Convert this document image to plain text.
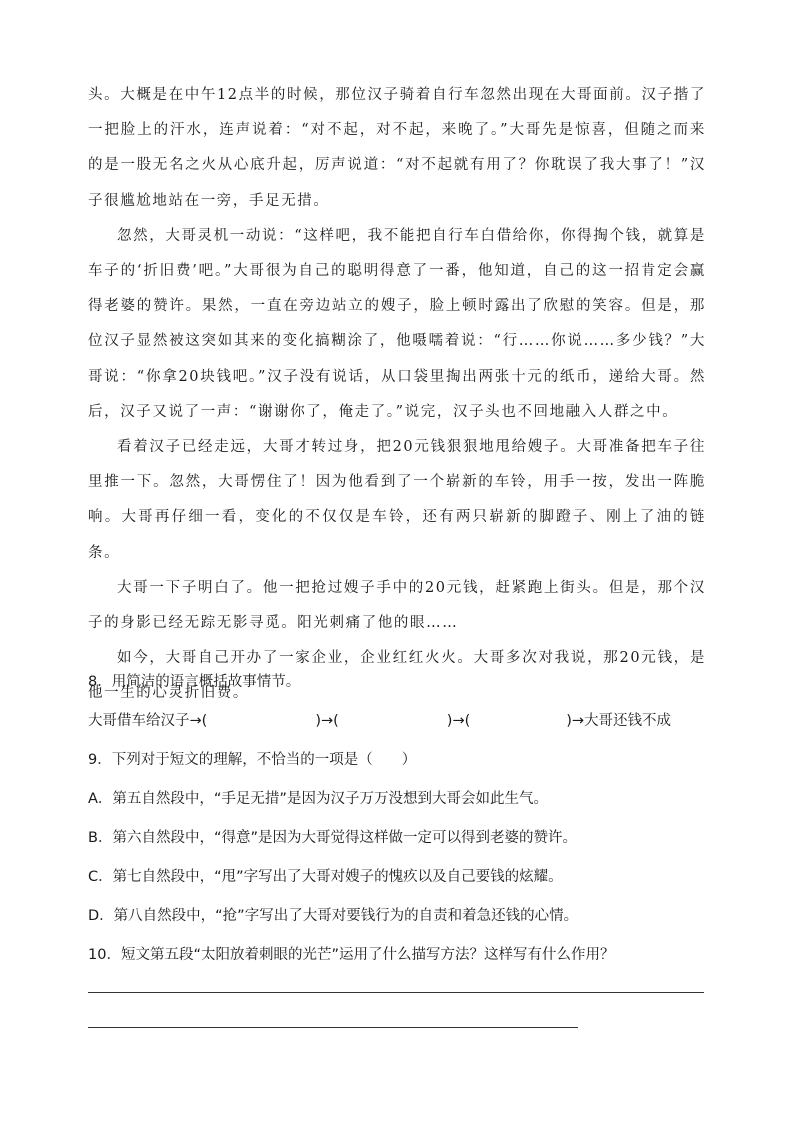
头。大概是在中午12点半的时候，那位汉子骑着自行车忽然出现在大哥面前。汉子揩了一把脸上的汗水，连声说着：“对不起，对不起，来晚了。”大哥先是惊喜，但随之而来的是一股无名之火从心底升起，厉声说道：“对不起就有用了？你耽误了我大事了！”汉子很尴尬地站在一旁，手足无措。

忽然，大哥灵机一动说：“这样吧，我不能把自行车白借给你，你得掏个钱，就算是车子的‘折旧费’吧。”大哥很为自己的聪明得意了一番，他知道，自己的这一招肯定会赢得老婆的赞许。果然，一直在旁边站立的嫂子，脸上顿时露出了欣慰的笑容。但是，那位汉子显然被这突如其来的变化搞糊涂了，他嗫嚅着说：“行……你说……多少钱？”大哥说：“你拿20块钱吧。”汉子没有说话，从口袋里掏出两张十元的纸币，递给大哥。然后，汉子又说了一声：“谢谢你了，俺走了。”说完，汉子头也不回地融入人群之中。

看着汉子已经走远，大哥才转过身，把20元钱狠狠地甩给嫂子。大哥准备把车子往里推一下。忽然，大哥愣住了！因为他看到了一个崭新的车铃，用手一按，发出一阵脆响。大哥再仔细一看，变化的不仅仅是车铃，还有两只崭新的脚蹬子、刚上了油的链条。

大哥一下子明白了。他一把抢过嫂子手中的20元钱，赶紧跑上街头。但是，那个汉子的身影已经无踪无影寻觅。阳光刺痛了他的眼……

如今，大哥自己开办了一家企业，企业红红火火。大哥多次对我说，那20元钱，是他一生的心灵折旧费。

8．用简洁的语言概括故事情节。
大哥借车给汉子→(	)→(	)→(	)→大哥还钱不成
9．下列对于短文的理解，不恰当的一项是（　　）
A．第五自然段中，“手足无措”是因为汉子万万没想到大哥会如此生气。
B．第六自然段中，“得意”是因为大哥觉得这样做一定可以得到老婆的赞许。
C．第七自然段中，“甩”字写出了大哥对嫂子的愧疚以及自己要钱的炫耀。
D．第八自然段中，“抢”字写出了大哥对要钱行为的自责和着急还钱的心情。
10．短文第五段“太阳放着刺眼的光芒”运用了什么描写方法？这样写有什么作用？
